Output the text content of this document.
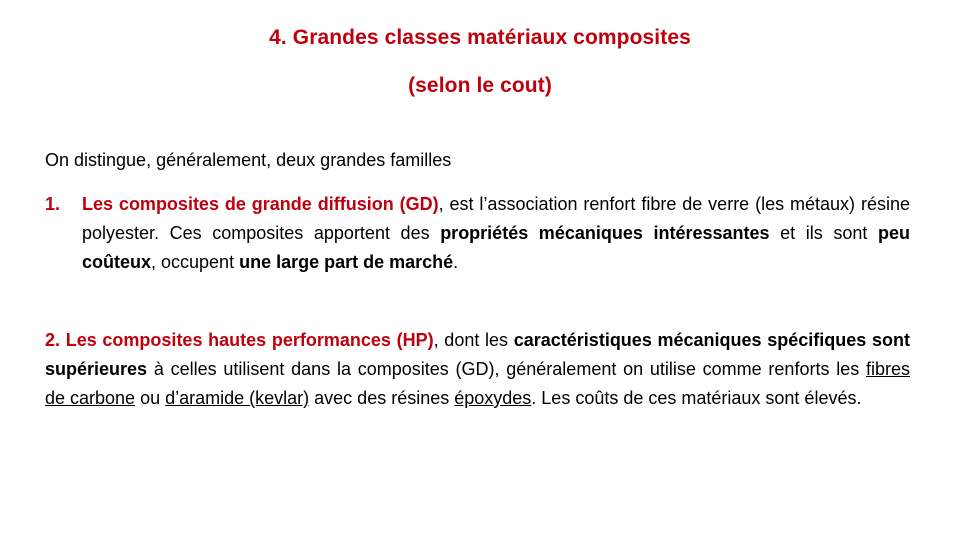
4. Grandes classes matériaux composites
(selon le cout)
On distingue, généralement, deux grandes familles
1. Les composites de grande diffusion (GD), est l’association renfort fibre de verre (les métaux) résine polyester. Ces composites apportent des propriétés mécaniques intéressantes et ils sont peu coûteux, occupent une large part de marché.
2. Les composites hautes performances (HP), dont les caractéristiques mécaniques spécifiques sont supérieures à celles utilisent dans la composites (GD), généralement on utilise comme renforts les fibres de carbone ou d’aramide (kevlar) avec des résines époxydes. Les coûts de ces matériaux sont élevés.
